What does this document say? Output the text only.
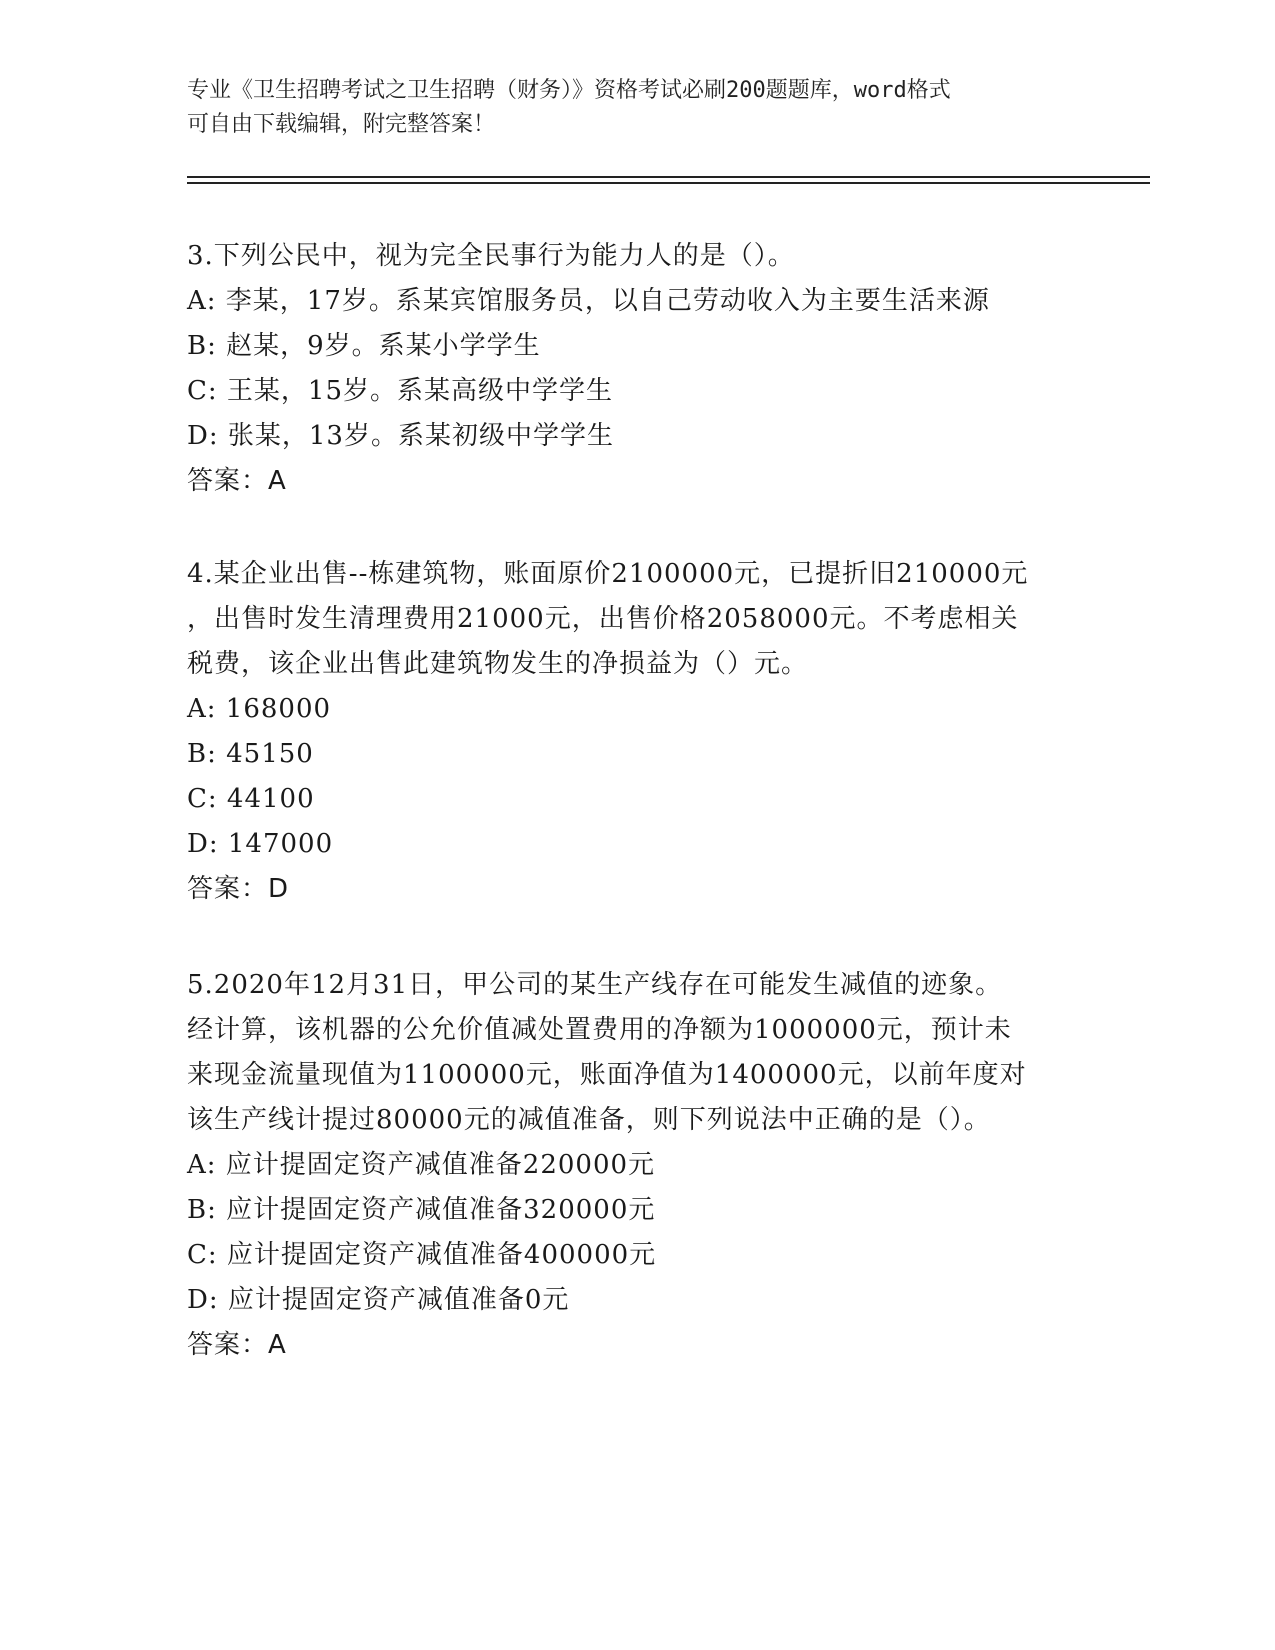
专业《卫生招聘考试之卫生招聘（财务）》资格考试必刷200题题库，word格式
可自由下载编辑，附完整答案！
3.下列公民中，视为完全民事行为能力人的是（）。
A: 李某，17岁。系某宾馆服务员，以自己劳动收入为主要生活来源
B: 赵某，9岁。系某小学学生
C: 王某，15岁。系某高级中学学生
D: 张某，13岁。系某初级中学学生
答案：A
4.某企业出售--栋建筑物，账面原价2100000元，已提折旧210000元
，出售时发生清理费用21000元，出售价格2058000元。不考虑相关
税费，该企业出售此建筑物发生的净损益为（）元。
A: 168000
B: 45150
C: 44100
D: 147000
答案：D
5.2020年12月31日，甲公司的某生产线存在可能发生减值的迹象。
经计算，该机器的公允价值减处置费用的净额为1000000元，预计未
来现金流量现值为1100000元，账面净值为1400000元，以前年度对
该生产线计提过80000元的减值准备，则下列说法中正确的是（）。
A: 应计提固定资产减值准备220000元
B: 应计提固定资产减值准备320000元
C: 应计提固定资产减值准备400000元
D: 应计提固定资产减值准备0元
答案：A
